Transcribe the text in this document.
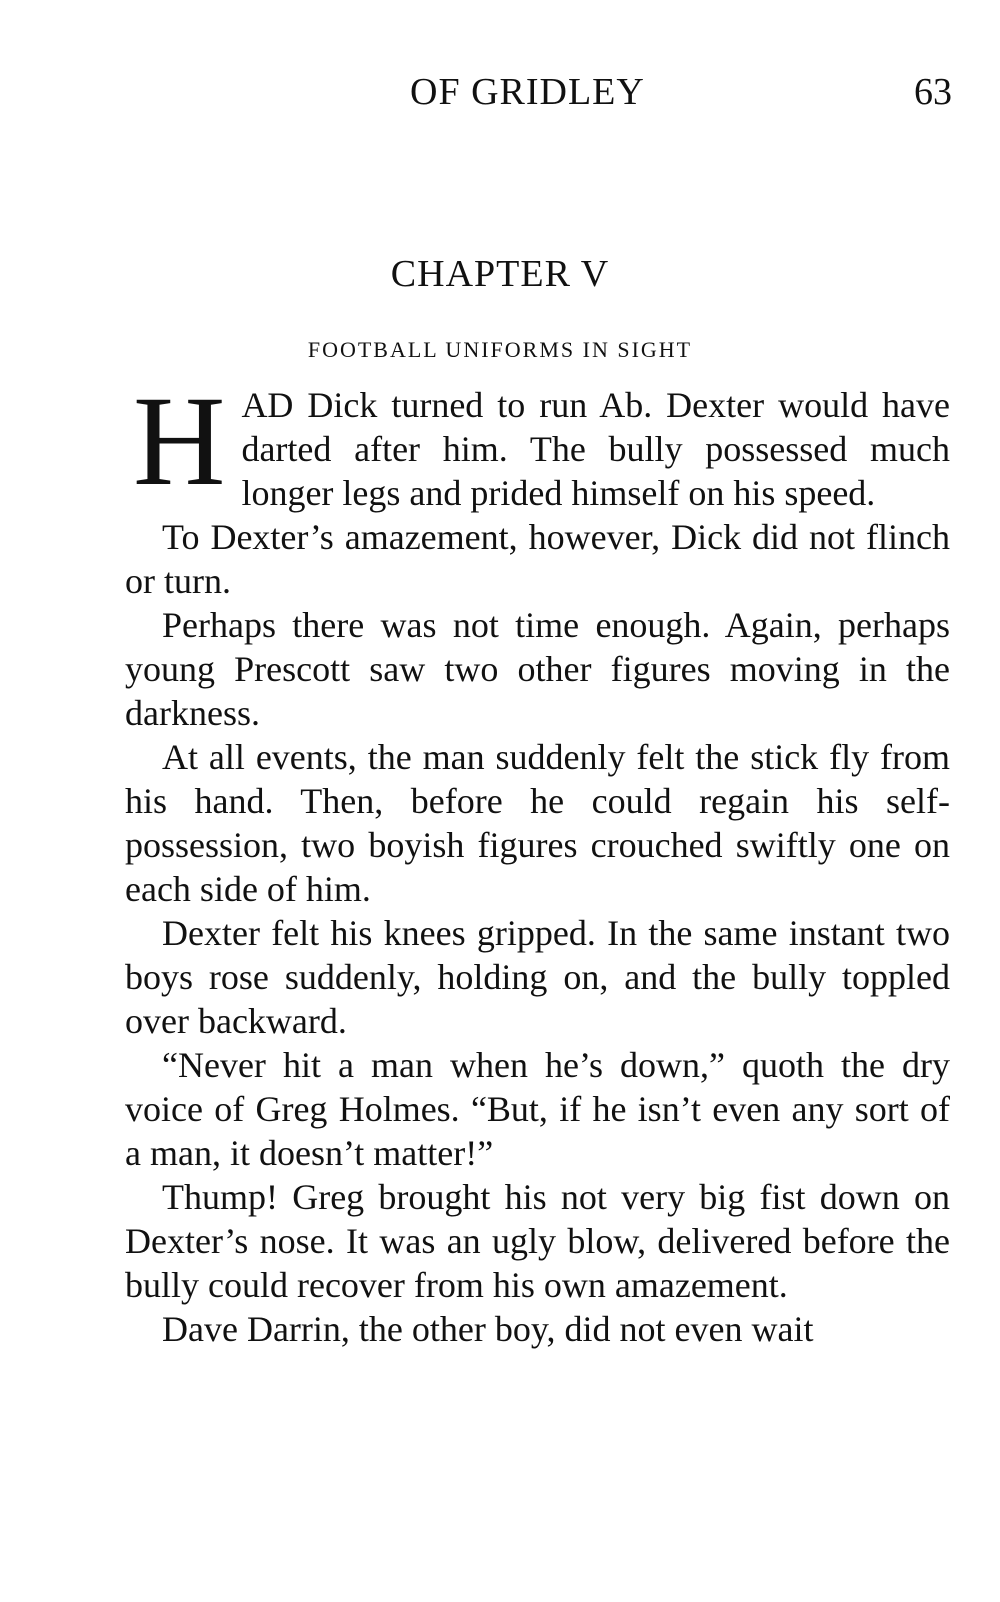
OF GRIDLEY	63
CHAPTER V
FOOTBALL UNIFORMS IN SIGHT

HAD Dick turned to run Ab. Dexter would have darted after him. The bully possessed much longer legs and prided himself on his speed.

To Dexter’s amazement, however, Dick did not flinch or turn.

Perhaps there was not time enough. Again, perhaps young Prescott saw two other figures moving in the darkness.

At all events, the man suddenly felt the stick fly from his hand. Then, before he could regain his self-possession, two boyish figures crouched swiftly one on each side of him.

Dexter felt his knees gripped. In the same instant two boys rose suddenly, holding on, and the bully toppled over backward.

“Never hit a man when he’s down,” quoth the dry voice of Greg Holmes. “But, if he isn’t even any sort of a man, it doesn’t matter!”

Thump! Greg brought his not very big fist down on Dexter’s nose. It was an ugly blow, delivered before the bully could recover from his own amazement.

Dave Darrin, the other boy, did not even wait
